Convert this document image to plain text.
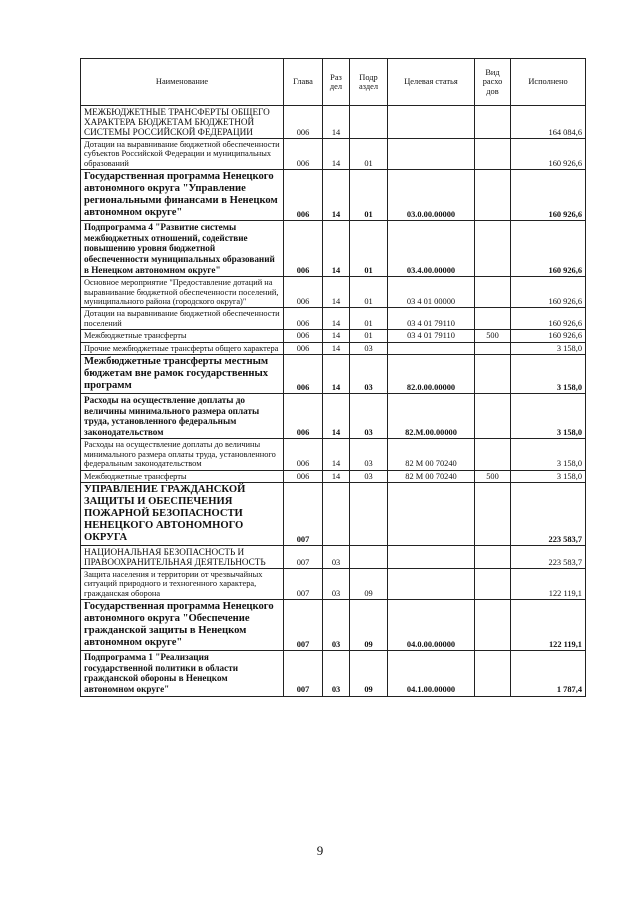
Наименование	Глава	Раз дел	Подр аздел	Целевая статья	Вид расхо дов	Исполнено
МЕЖБЮДЖЕТНЫЕ ТРАНСФЕРТЫ ОБЩЕГО ХАРАКТЕРА БЮДЖЕТАМ БЮДЖЕТНОЙ СИСТЕМЫ РОССИЙСКОЙ ФЕДЕРАЦИИ	006	14				164 084,6
Дотации на выравнивание бюджетной обеспеченности субъектов Российской Федерации и муниципальных образований	006	14	01			160 926,6
Государственная программа Ненецкого автономного округа "Управление региональными финансами в Ненецком автономном округе"	006	14	01	03.0.00.00000		160 926,6
Подпрограмма 4 "Развитие системы межбюджетных отношений, содействие повышению уровня бюджетной обеспеченности муниципальных образований в Ненецком автономном округе"	006	14	01	03.4.00.00000		160 926,6
Основное мероприятие "Предоставление дотаций на выравнивание бюджетной обеспеченности поселений, муниципального района (городского округа)"	006	14	01	03 4 01 00000		160 926,6
Дотации на выравнивание бюджетной обеспеченности поселений	006	14	01	03 4 01 79110		160 926,6
Межбюджетные трансферты	006	14	01	03 4 01 79110	500	160 926,6
Прочие межбюджетные трансферты общего характера	006	14	03			3 158,0
Межбюджетные трансферты местным бюджетам вне рамок государственных программ	006	14	03	82.0.00.00000		3 158,0
Расходы на осуществление доплаты до величины минимального размера оплаты труда, установленного федеральным законодательством	006	14	03	82.М.00.00000		3 158,0
Расходы на осуществление доплаты до величины минимального размера оплаты труда, установленного федеральным законодательством	006	14	03	82 М 00 70240		3 158,0
Межбюджетные трансферты	006	14	03	82 М 00 70240	500	3 158,0
УПРАВЛЕНИЕ ГРАЖДАНСКОЙ ЗАЩИТЫ И ОБЕСПЕЧЕНИЯ ПОЖАРНОЙ БЕЗОПАСНОСТИ НЕНЕЦКОГО АВТОНОМНОГО ОКРУГА	007					223 583,7
НАЦИОНАЛЬНАЯ БЕЗОПАСНОСТЬ И ПРАВООХРАНИТЕЛЬНАЯ ДЕЯТЕЛЬНОСТЬ	007	03				223 583,7
Защита населения и территории от чрезвычайных ситуаций природного и техногенного характера, гражданская оборона	007	03	09			122 119,1
Государственная программа Ненецкого автономного округа "Обеспечение гражданской защиты в Ненецком автономном округе"	007	03	09	04.0.00.00000		122 119,1
Подпрограмма 1 "Реализация государственной политики в области гражданской обороны в Ненецком автономном округе"	007	03	09	04.1.00.00000		1 787,4
9
